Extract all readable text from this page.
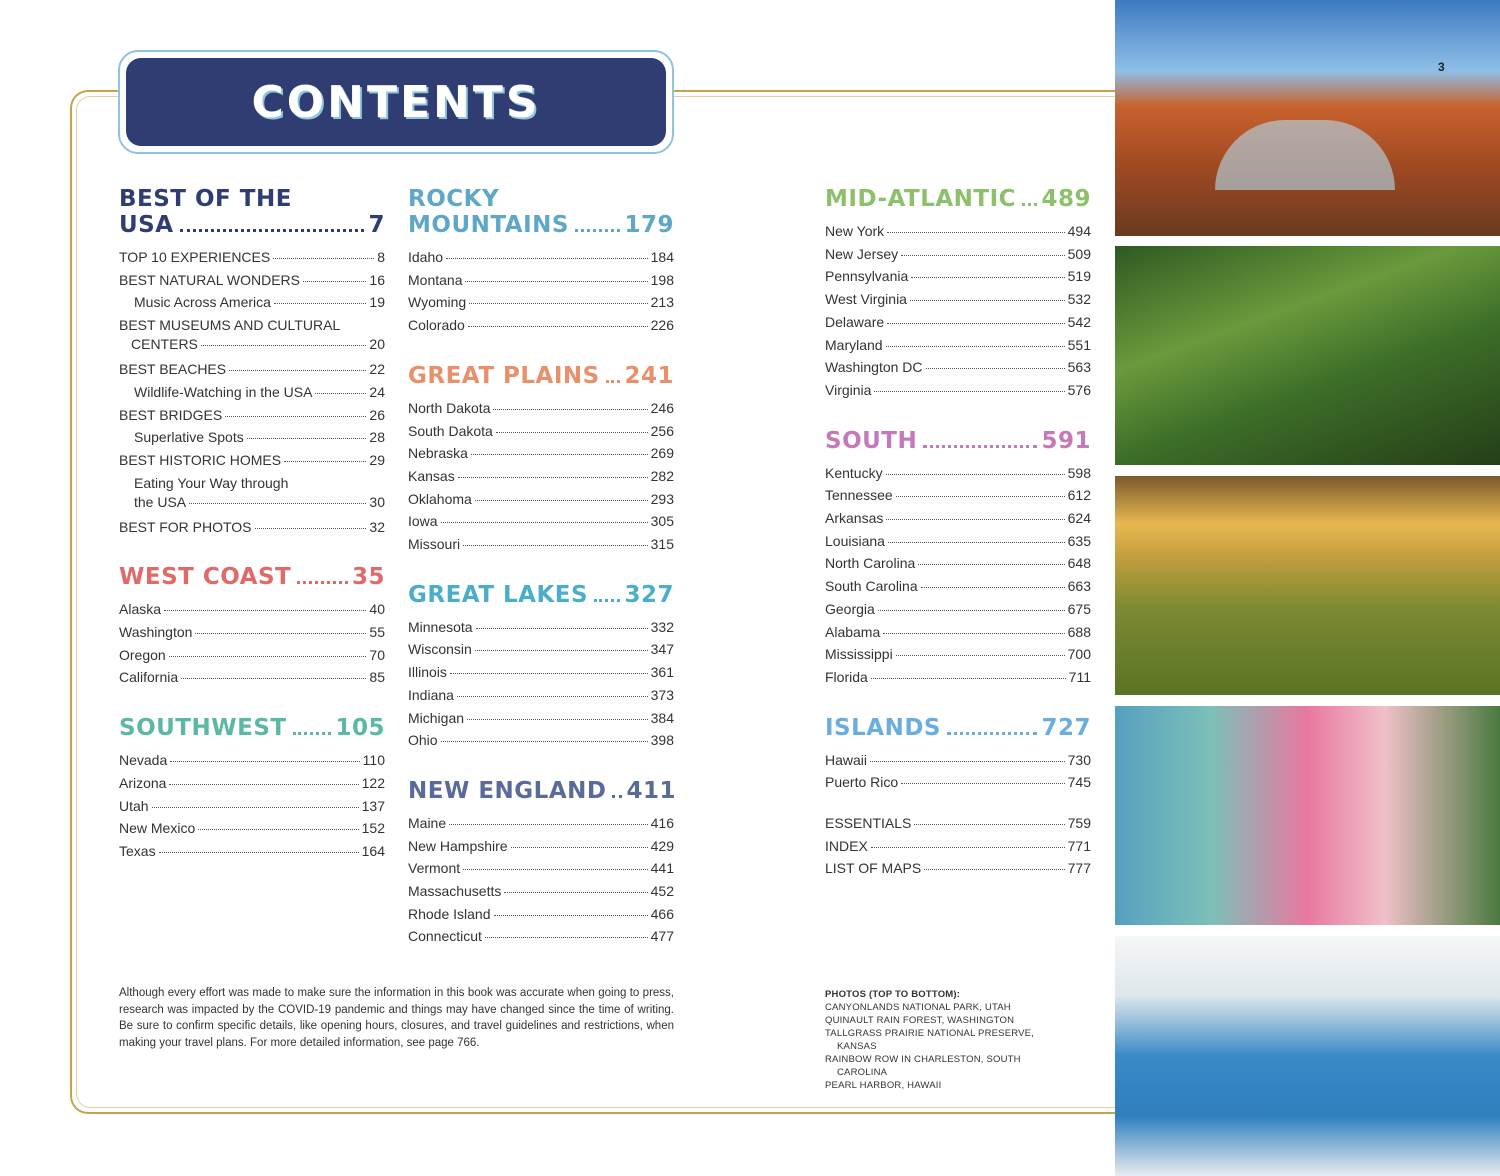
CONTENTS
BEST OF THE
USA	7
TOP 10 EXPERIENCES	8
BEST NATURAL WONDERS	16
Music Across America	19
BEST MUSEUMS AND CULTURAL
CENTERS	20
BEST BEACHES	22
Wildlife-Watching in the USA	24
BEST BRIDGES	26
Superlative Spots	28
BEST HISTORIC HOMES	29
Eating Your Way through
the USA	30
BEST FOR PHOTOS	32
WEST COAST	35
Alaska	40
Washington	55
Oregon	70
California	85
SOUTHWEST 105
Nevada	110
Arizona	122
Utah	137
New Mexico	152
Texas	164
ROCKY
MOUNTAINS 179
Idaho	184
Montana	198
Wyoming	213
Colorado	226
GREAT PLAINS 241
North Dakota	246
South Dakota	256
Nebraska	269
Kansas	282
Oklahoma	293
Iowa	305
Missouri	315
GREAT LAKES 327
Minnesota	332
Wisconsin	347
Illinois	361
Indiana	373
Michigan	384
Ohio	398
NEW ENGLAND 411
Maine	416
New Hampshire	429
Vermont	441
Massachusetts	452
Rhode Island	466
Connecticut	477
MID-ATLANTIC 489
New York	494
New Jersey	509
Pennsylvania	519
West Virginia	532
Delaware	542
Maryland	551
Washington DC	563
Virginia	576
SOUTH	591
Kentucky	598
Tennessee	612
Arkansas	624
Louisiana	635
North Carolina	648
South Carolina	663
Georgia	675
Alabama	688
Mississippi	700
Florida	711
ISLANDS	727
Hawaii	730
Puerto Rico	745
ESSENTIALS	759
INDEX	771
LIST OF MAPS	777
Although every effort was made to make sure the information in this book was accurate when going to press, research was impacted by the COVID-19 pandemic and things may have changed since the time of writing. Be sure to confirm specific details, like opening hours, closures, and travel guidelines and restrictions, when making your travel plans. For more detailed information, see page 766.
PHOTOS (TOP TO BOTTOM):
CANYONLANDS NATIONAL PARK, UTAH
QUINAULT RAIN FOREST, WASHINGTON
TALLGRASS PRAIRIE NATIONAL PRESERVE,
KANSAS
RAINBOW ROW IN CHARLESTON, SOUTH
CAROLINA
PEARL HARBOR, HAWAII
3
